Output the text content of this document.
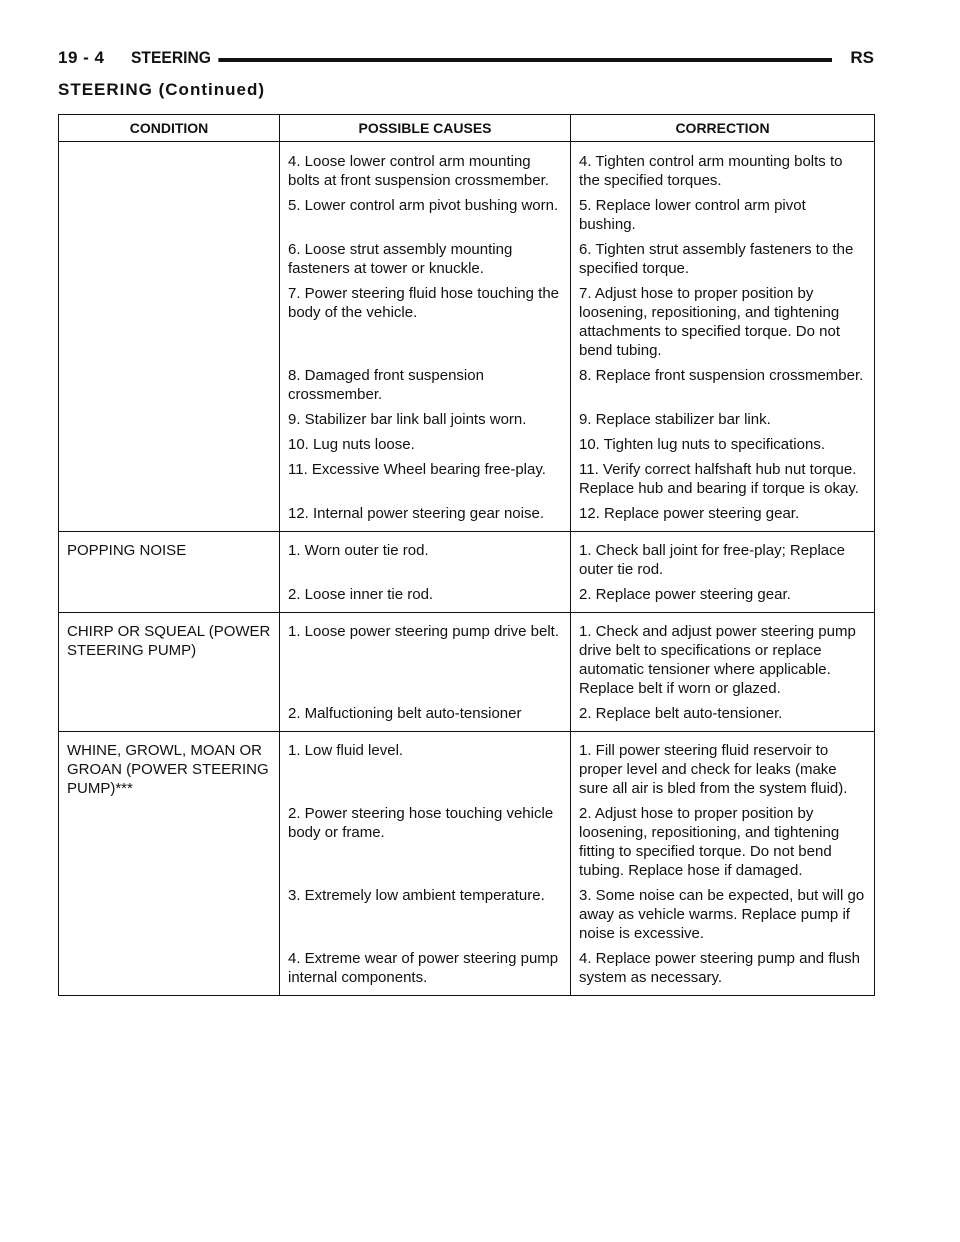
19 - 4 STEERING	RS
STEERING (Continued)
CONDITION	POSSIBLE CAUSES	CORRECTION
	4. Loose lower control arm mounting bolts at front suspension crossmember.	4. Tighten control arm mounting bolts to the specified torques.
	5. Lower control arm pivot bushing worn.	5. Replace lower control arm pivot bushing.
	6. Loose strut assembly mounting fasteners at tower or knuckle.	6. Tighten strut assembly fasteners to the specified torque.
	7. Power steering fluid hose touching the body of the vehicle.	7. Adjust hose to proper position by loosening, repositioning, and tightening attachments to specified torque. Do not bend tubing.
	8. Damaged front suspension crossmember.	8. Replace front suspension crossmember.
	9. Stabilizer bar link ball joints worn.	9. Replace stabilizer bar link.
	10. Lug nuts loose.	10. Tighten lug nuts to specifications.
	11. Excessive Wheel bearing free-play.	11. Verify correct halfshaft hub nut torque. Replace hub and bearing if torque is okay.
	12. Internal power steering gear noise.	12. Replace power steering gear.
POPPING NOISE	1. Worn outer tie rod.	1. Check ball joint for free-play; Replace outer tie rod.
	2. Loose inner tie rod.	2. Replace power steering gear.
CHIRP OR SQUEAL (POWER STEERING PUMP)	1. Loose power steering pump drive belt.	1. Check and adjust power steering pump drive belt to specifications or replace automatic tensioner where applicable. Replace belt if worn or glazed.
	2. Malfuctioning belt auto-tensioner	2. Replace belt auto-tensioner.
WHINE, GROWL, MOAN OR GROAN (POWER STEERING PUMP)***	1. Low fluid level.	1. Fill power steering fluid reservoir to proper level and check for leaks (make sure all air is bled from the system fluid).
	2. Power steering hose touching vehicle body or frame.	2. Adjust hose to proper position by loosening, repositioning, and tightening fitting to specified torque. Do not bend tubing. Replace hose if damaged.
	3. Extremely low ambient temperature.	3. Some noise can be expected, but will go away as vehicle warms. Replace pump if noise is excessive.
	4. Extreme wear of power steering pump internal components.	4. Replace power steering pump and flush system as necessary.
